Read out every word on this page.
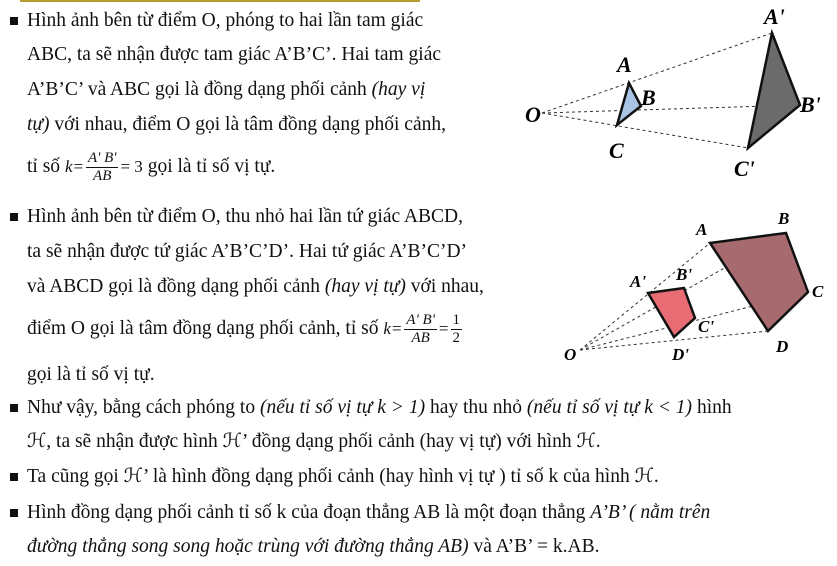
Hình ảnh bên từ điểm O, phóng to hai lần tam giác
ABC, ta sẽ nhận được tam giác A’B’C’. Hai tam giác
A’B’C’ và ABC gọi là đồng dạng phối cảnh (hay vị
tự) với nhau, điểm O gọi là tâm đồng dạng phối cảnh,
tỉ số $k= \frac{A' B'}{AB} = 3$ gọi là tỉ số vị tự.
Hình ảnh bên từ điểm O, thu nhỏ hai lần tứ giác ABCD,
ta sẽ nhận được tứ giác A’B’C’D’. Hai tứ giác A’B’C’D’
và ABCD gọi là đồng dạng phối cảnh (hay vị tự) với nhau,
điểm O gọi là tâm đồng dạng phối cảnh, tỉ số $k= \frac{A' B'}{AB} = \frac{1}{2}$
gọi là tỉ số vị tự.
Như vậy, bằng cách phóng to (nếu tỉ số vị tự k > 1) hay thu nhỏ (nếu tỉ số vị tự k < 1) hình
ℋ, ta sẽ nhận được hình ℋ’ đồng dạng phối cảnh (hay vị tự) với hình ℋ.
Ta cũng gọi ℋ’ là hình đồng dạng phối cảnh (hay hình vị tự ) tỉ số k của hình ℋ.
Hình đồng dạng phối cảnh tỉ số k của đoạn thẳng AB là một đoạn thẳng A’B’ ( nằm trên
đường thẳng song song hoặc trùng với đường thẳng AB) và A’B’ = k.AB.
O
A
B
C
A'
B'
C'
O
A
B
C
D
A' B'
C'
D'
